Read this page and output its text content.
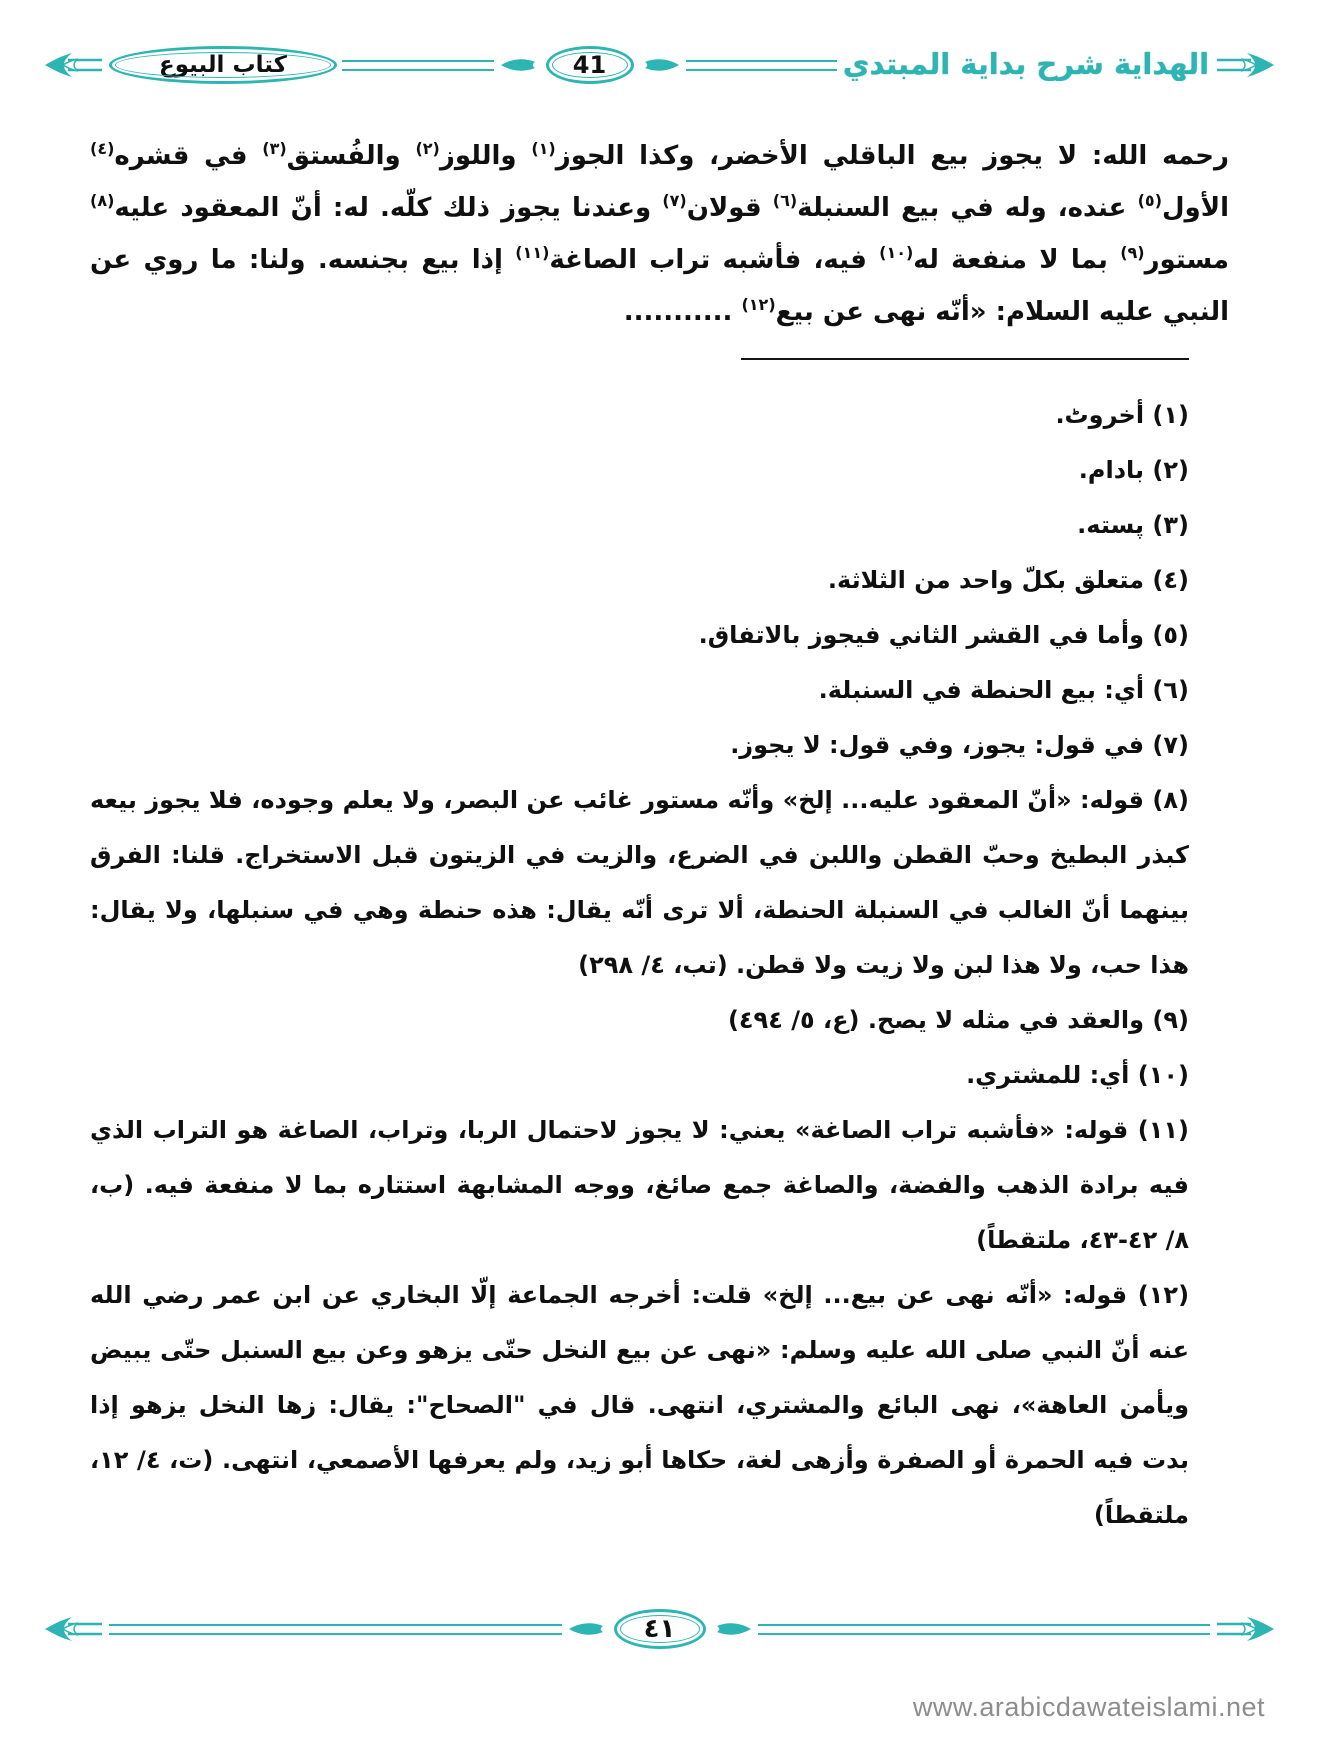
كتاب البيوع	41	الهداية شرح بداية المبتدي

رحمه الله: لا يجوز بيع الباقلي الأخضر، وكذا الجوز$^{(١)}$ واللوز$^{(٢)}$ والفُستق$^{(٣)}$ في قشره$^{(٤)}$ الأول$^{(٥)}$ عنده، وله في بيع السنبلة$^{(٦)}$ قولان$^{(٧)}$ وعندنا يجوز ذلك كلّه. له: أنّ المعقود عليه$^{(٨)}$ مستور$^{(٩)}$ بما لا منفعة له$^{(١٠)}$ فيه، فأشبه تراب الصاغة$^{(١١)}$ إذا بيع بجنسه. ولنا: ما روي عن النبي عليه السلام: «أنّه نهى عن بيع$^{(١٢)}$ ...........

(١) أخروٹ.
(٢) بادام.
(٣) پسته.
(٤) متعلق بكلّ واحد من الثلاثة.
(٥) وأما في القشر الثاني فيجوز بالاتفاق.
(٦) أي: بيع الحنطة في السنبلة.
(٧) في قول: يجوز، وفي قول: لا يجوز.
(٨) قوله: «أنّ المعقود عليه... إلخ» وأنّه مستور غائب عن البصر، ولا يعلم وجوده، فلا يجوز بيعه كبذر البطيخ وحبّ القطن واللبن في الضرع، والزيت في الزيتون قبل الاستخراج. قلنا: الفرق بينهما أنّ الغالب في السنبلة الحنطة، ألا ترى أنّه يقال: هذه حنطة وهي في سنبلها، ولا يقال: هذا حب، ولا هذا لبن ولا زيت ولا قطن. (تب، ٤/ ٢٩٨)
(٩) والعقد في مثله لا يصح. (ع، ٥/ ٤٩٤)
(١٠) أي: للمشتري.
(١١) قوله: «فأشبه تراب الصاغة» يعني: لا يجوز لاحتمال الربا، وتراب، الصاغة هو التراب الذي فيه برادة الذهب والفضة، والصاغة جمع صائغ، ووجه المشابهة استتاره بما لا منفعة فيه. (ب، ٨/ ٤٢-٤٣، ملتقطاً)
(١٢) قوله: «أنّه نهى عن بيع... إلخ» قلت: أخرجه الجماعة إلّا البخاري عن ابن عمر رضي الله عنه أنّ النبي صلى الله عليه وسلم: «نهى عن بيع النخل حتّى يزهو وعن بيع السنبل حتّى يبيض ويأمن العاهة»، نهى البائع والمشتري، انتهى. قال في "الصحاح": يقال: زها النخل يزهو إذا بدت فيه الحمرة أو الصفرة وأزهى لغة، حكاها أبو زيد، ولم يعرفها الأصمعي، انتهى. (ت، ٤/ ١٢، ملتقطاً)
٤١
www.arabicdawateislami.net
